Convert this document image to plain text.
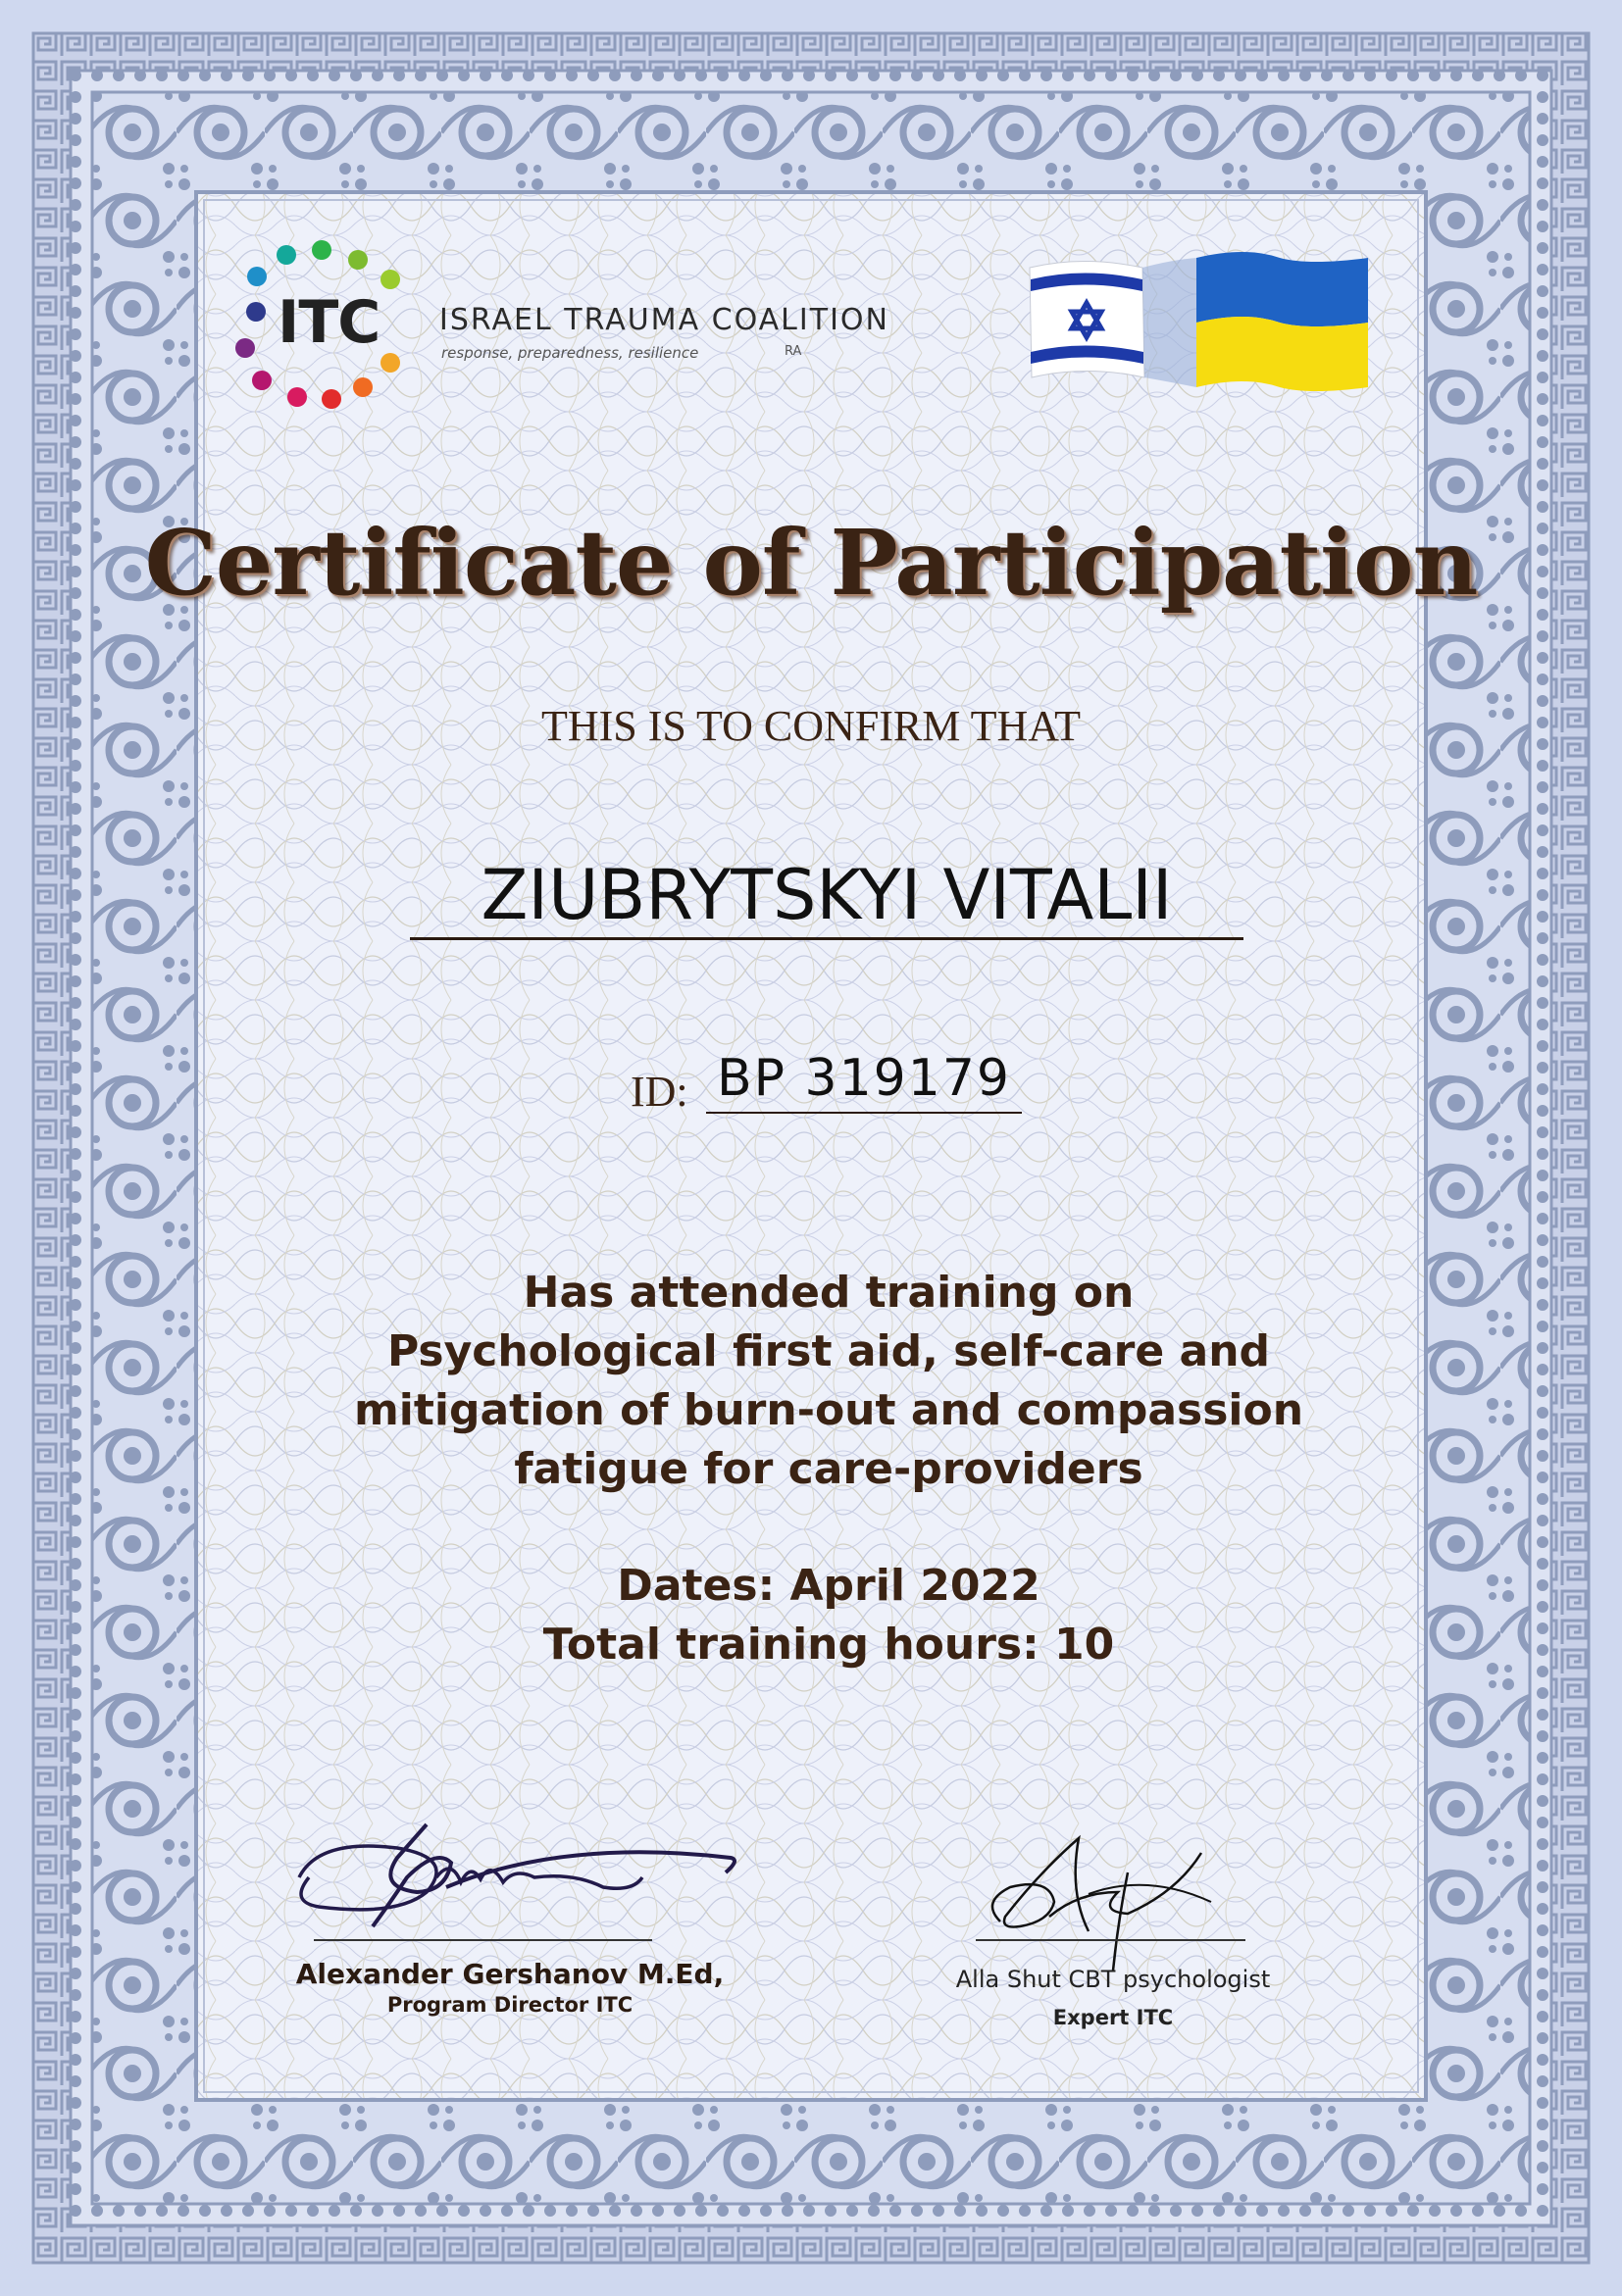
ITC ISRAEL TRAUMA COALITION
response, preparedness, resilience	RA
Certificate of Participation
THIS IS TO CONFIRM THAT
ZIUBRYTSKYI VITALII
ID: BP 319179
Has attended training on
Psychological first aid, self-care and
mitigation of burn-out and compassion
fatigue for care-providers
Dates: April 2022
Total training hours: 10
Alexander Gershanov M.Ed,
Program Director ITC
Alla Shut CBT psychologist
Expert ITC
